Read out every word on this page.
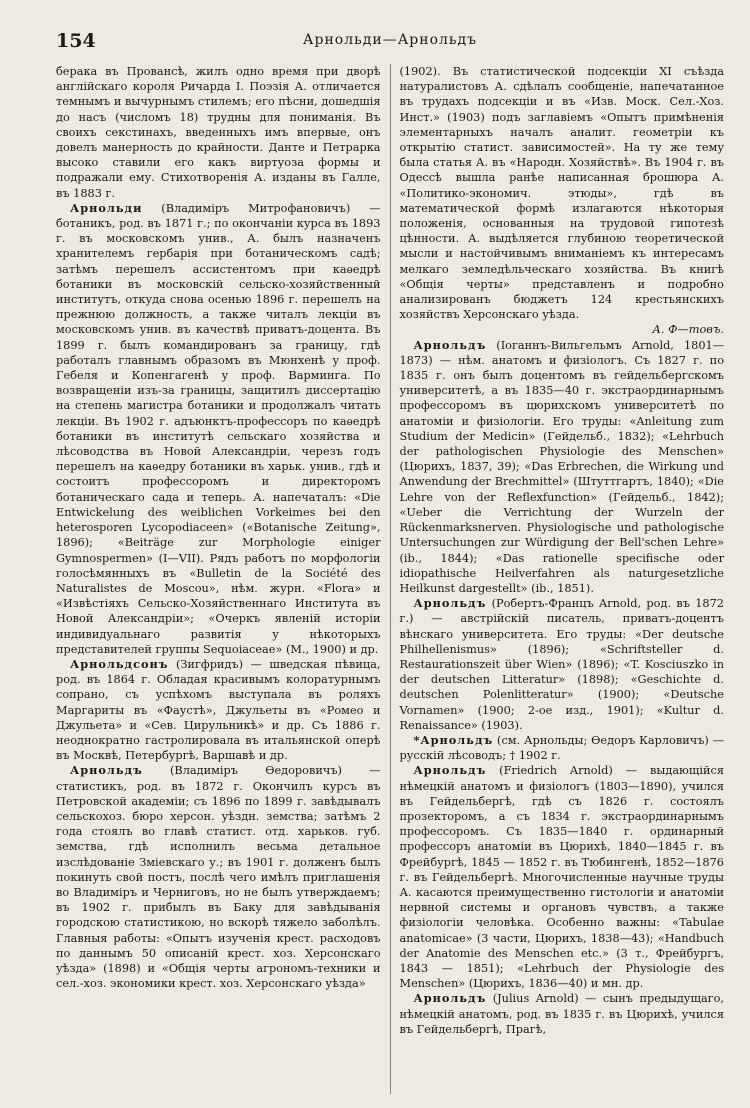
154	Арнольди—Арнольдъ

берака въ Провансѣ, жилъ одно время при дворѣ англійскаго короля Ричарда I. Поэзія А. отличается темнымъ и вычурнымъ стилемъ; его пѣсни, дошедшія до насъ (числомъ 18) трудны для пониманія. Въ своихъ секстинахъ, введенныхъ имъ впервые, онъ довелъ манерность до крайности. Данте и Петрарка высоко ставили его какъ виртуоза формы и подражали ему. Стихотворенія А. изданы въ Галле, въ 1883 г.

Арнольди (Владиміръ Митрофановичъ) — ботаникъ, род. въ 1871 г.; по окончаніи курса въ 1893 г. въ московскомъ унив., А. былъ назначенъ хранителемъ гербарія при ботаническомъ садѣ; затѣмъ перешелъ ассистентомъ при каѳедрѣ ботаники въ московскій сельско-хозяйственный институтъ, откуда снова осенью 1896 г. перешелъ на прежнюю должность, а также читалъ лекціи въ московскомъ унив. въ качествѣ приватъ-доцента. Въ 1899 г. былъ командированъ за границу, гдѣ работалъ главнымъ образомъ въ Мюнхенѣ у проф. Гебеля и Копенгагенѣ у проф. Варминга. По возвращеніи изъ-за границы, защитилъ диссертацію на степень магистра ботаники и продолжалъ читать лекціи. Въ 1902 г. адъюнктъ-профессоръ по каѳедрѣ ботаники въ институтѣ сельскаго хозяйства и лѣсоводства въ Новой Александріи, черезъ годъ перешелъ на каѳедру ботаники въ харьк. унив., гдѣ и состоитъ профессоромъ и директоромъ ботаническаго сада и теперь. А. напечаталъ: «Die Entwickelung des weiblichen Vorkeimes bei den heterosporen Lycopodiaceen» («Botanische Zeitung», 1896); «Beiträge zur Morphologie einiger Gymnospermen» (I—VII). Рядъ работъ по морфологіи голосѣмянныхъ въ «Bulletin de la Société des Naturalistes de Moscou», нѣм. журн. «Flora» и «Извѣстіяхъ Сельско-Хозяйственнаго Института въ Новой Александріи»; «Очеркъ явленій исторіи индивидуальнаго развитія у нѣкоторыхъ представителей группы Sequoiaceae» (М., 1900) и др.

Арнольдсонъ (Зигфридъ) — шведская пѣвица, род. въ 1864 г. Обладая красивымъ колоратурнымъ сопрано, съ успѣхомъ выступала въ роляхъ Маргариты въ «Фаустѣ», Джульеты въ «Ромео и Джульета» и «Сев. Цирульникѣ» и др. Съ 1886 г. неоднократно гастролировала въ итальянской оперѣ въ Москвѣ, Петербургѣ, Варшавѣ и др.

Арнольдъ (Владиміръ Ѳедоровичъ) — статистикъ, род. въ 1872 г. Окончилъ курсъ въ Петровской академіи; съ 1896 по 1899 г. завѣдывалъ сельскохоз. бюро херсон. уѣздн. земства; затѣмъ 2 года стоялъ во главѣ статист. отд. харьков. губ. земства, гдѣ исполнилъ весьма детальное изслѣдованіе Зміевскаго у.; въ 1901 г. долженъ былъ покинуть свой постъ, послѣ чего имѣлъ приглашенія во Владиміръ и Черниговъ, но не былъ утверждаемъ; въ 1902 г. прибылъ въ Баку для завѣдыванія городскою статистикою, но вскорѣ тяжело заболѣлъ. Главныя работы: «Опытъ изученія крест. расходовъ по даннымъ 50 описаній крест. хоз. Херсонскаго уѣзда» (1898) и «Общія черты агрономъ-техники и сел.-хоз. экономики крест. хоз. Херсонскаго уѣзда»

(1902). Въ статистической подсекціи XI съѣзда натуралистовъ А. сдѣлалъ сообщеніе, напечатанное въ трудахъ подсекціи и въ «Изв. Моск. Сел.-Хоз. Инст.» (1903) подъ заглавіемъ «Опытъ примѣненія элементарныхъ началъ аналит. геометріи къ открытію статист. зависимостей». На ту же тему была статья А. въ «Народн. Хозяйствѣ». Въ 1904 г. въ Одессѣ вышла ранѣе написанная брошюра А. «Политико-экономич. этюды», гдѣ въ математической формѣ излагаются нѣкоторыя положенія, основанныя на трудовой гипотезѣ цѣнности. А. выдѣляется глубиною теоретической мысли и настойчивымъ вниманіемъ къ интересамъ мелкаго земледѣльческаго хозяйства. Въ книгѣ «Общія черты» представленъ и подробно анализированъ бюджетъ 124 крестьянскихъ хозяйствъ Херсонскаго уѣзда.

А. Ф—товъ.

Арнольдъ (Іоганнъ-Вильгельмъ Arnold, 1801—1873) — нѣм. анатомъ и физіологъ. Съ 1827 г. по 1835 г. онъ былъ доцентомъ въ гейдельбергскомъ университетѣ, а въ 1835—40 г. экстраординарнымъ профессоромъ въ цюрихскомъ университетѣ по анатоміи и физіологіи. Его труды: «Anleitung zum Studium der Medicin» (Гейдельб., 1832); «Lehrbuch der pathologischen Physiologie des Menschen» (Цюрихъ, 1837, 39); «Das Erbrechen, die Wirkung und Anwendung der Brechmittel» (Штуттгартъ, 1840); «Die Lehre von der Reflexfunction» (Гейдельб., 1842); «Ueber die Verrichtung der Wurzeln der Rückenmarksnerven. Physiologische und pathologische Untersuchungen zur Würdigung der Bell'schen Lehre» (ib., 1844); «Das rationelle specifische oder idiopathische Heilverfahren als naturgesetzliche Heilkunst dargestellt» (ib., 1851).

Арнольдъ (Робертъ-Францъ Arnold, род. въ 1872 г.) — австрійскій писатель, приватъ-доцентъ вѣнскаго университета. Его труды: «Der deutsche Philhellenismus» (1896); «Schriftsteller d. Restaurationszeit über Wien» (1896); «T. Kosciuszko in der deutschen Litteratur» (1898); «Geschichte d. deutschen Polenlitteratur» (1900); «Deutsche Vornamen» (1900; 2-ое изд., 1901); «Kultur d. Renaissance» (1903).

*Арнольдъ (см. Арнольды; Ѳедоръ Карловичъ) — русскій лѣсоводъ; † 1902 г.

Арнольдъ (Friedrich Arnold) — выдающійся нѣмецкій анатомъ и физіологъ (1803—1890), учился въ Гейдельбергѣ, гдѣ съ 1826 г. состоялъ прозекторомъ, а съ 1834 г. экстраординарнымъ профессоромъ. Съ 1835—1840 г. ординарный профессоръ анатоміи въ Цюрихѣ, 1840—1845 г. въ Фрейбургѣ, 1845 — 1852 г. въ Тюбингенѣ, 1852—1876 г. въ Гейдельбергѣ. Многочисленные научные труды А. касаются преимущественно гистологіи и анатоміи нервной системы и органовъ чувствъ, а также физіологіи человѣка. Особенно важны: «Tabulae anatomicae» (3 части, Цюрихъ, 1838—43); «Handbuch der Anatomie des Menschen etc.» (3 т., Фрейбургъ, 1843 — 1851); «Lehrbuch der Physiologie des Menschen» (Цюрихъ, 1836—40) и мн. др.

Арнольдъ (Julius Arnold) — сынъ предыдущаго, нѣмецкій анатомъ, род. въ 1835 г. въ Цюрихѣ, учился въ Гейдельбергѣ, Прагѣ,
